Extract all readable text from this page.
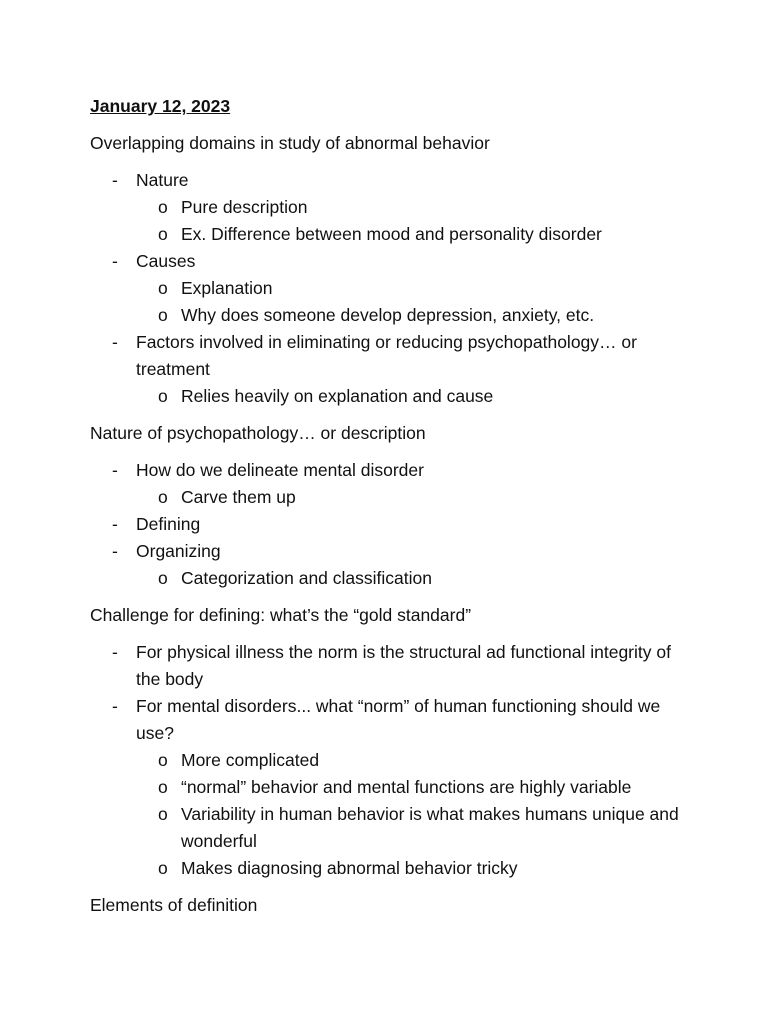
January 12, 2023
Overlapping domains in study of abnormal behavior
- Nature
o Pure description
o Ex. Difference between mood and personality disorder
- Causes
o Explanation
o Why does someone develop depression, anxiety, etc.
- Factors involved in eliminating or reducing psychopathology… or treatment
o Relies heavily on explanation and cause
Nature of psychopathology… or description
- How do we delineate mental disorder
o Carve them up
- Defining
- Organizing
o Categorization and classification
Challenge for defining: what’s the “gold standard”
- For physical illness the norm is the structural ad functional integrity of the body
- For mental disorders... what “norm” of human functioning should we use?
o More complicated
o “normal” behavior and mental functions are highly variable
o Variability in human behavior is what makes humans unique and wonderful
o Makes diagnosing abnormal behavior tricky
Elements of definition
